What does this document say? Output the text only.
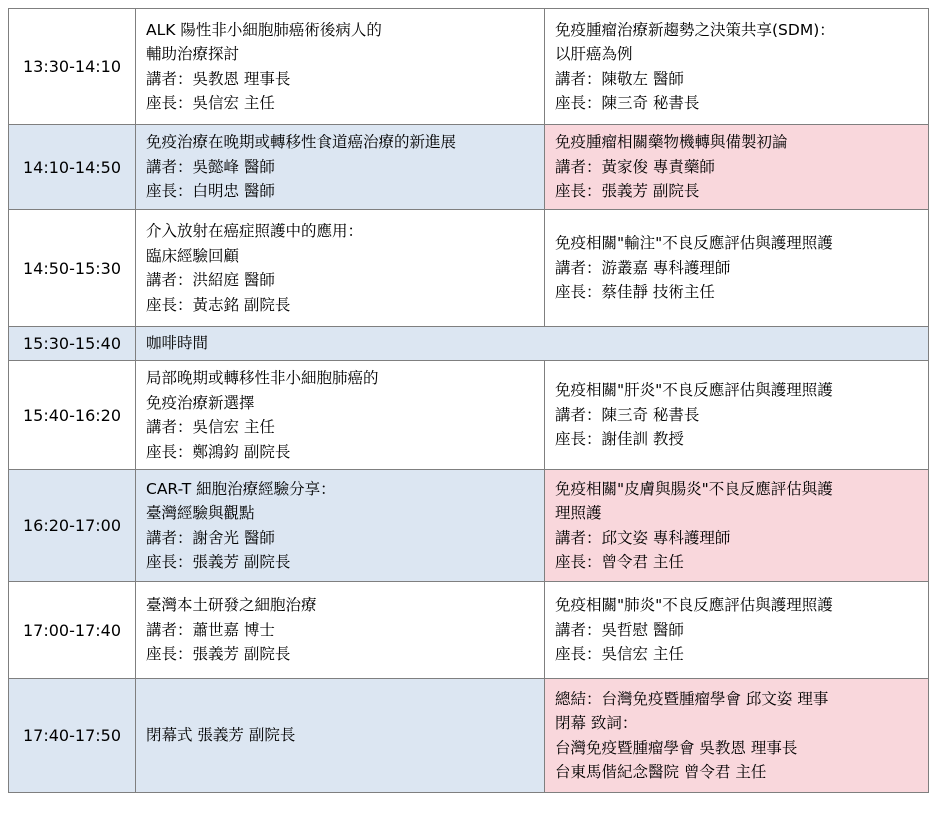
13:30-14:10	ALK 陽性非小細胞肺癌術後病人的
輔助治療探討
講者：吳教恩 理事長
座長：吳信宏 主任	免疫腫瘤治療新趨勢之決策共享(SDM)：
以肝癌為例
講者：陳敬左 醫師
座長：陳三奇 秘書長

14:10-14:50	免疫治療在晚期或轉移性食道癌治療的新進展
講者：吳懿峰 醫師
座長：白明忠 醫師	免疫腫瘤相關藥物機轉與備製初論
講者：黃家俊 專責藥師
座長：張義芳 副院長

14:50-15:30	介入放射在癌症照護中的應用：
臨床經驗回顧
講者：洪紹庭 醫師
座長：黃志銘 副院長	免疫相關"輸注"不良反應評估與護理照護
講者：游叢嘉 專科護理師
座長：蔡佳靜 技術主任

15:30-15:40	咖啡時間	
15:40-16:20	局部晚期或轉移性非小細胞肺癌的
免疫治療新選擇
講者：吳信宏 主任
座長：鄭鴻鈞 副院長	免疫相關"肝炎"不良反應評估與護理照護
講者：陳三奇 秘書長
座長：謝佳訓 教授

16:20-17:00	CAR-T 細胞治療經驗分享：
臺灣經驗與觀點
講者：謝舍光 醫師
座長：張義芳 副院長	免疫相關"皮膚與腸炎"不良反應評估與護
理照護
講者：邱文姿 專科護理師
座長：曾令君 主任

17:00-17:40	臺灣本土研發之細胞治療
講者：蕭世嘉 博士
座長：張義芳 副院長	免疫相關"肺炎"不良反應評估與護理照護
講者：吳哲慰 醫師
座長：吳信宏 主任

17:40-17:50	閉幕式 張義芳 副院長	總結：台灣免疫暨腫瘤學會 邱文姿 理事
閉幕 致詞：
台灣免疫暨腫瘤學會 吳教恩 理事長
台東馬偕紀念醫院 曾令君 主任
